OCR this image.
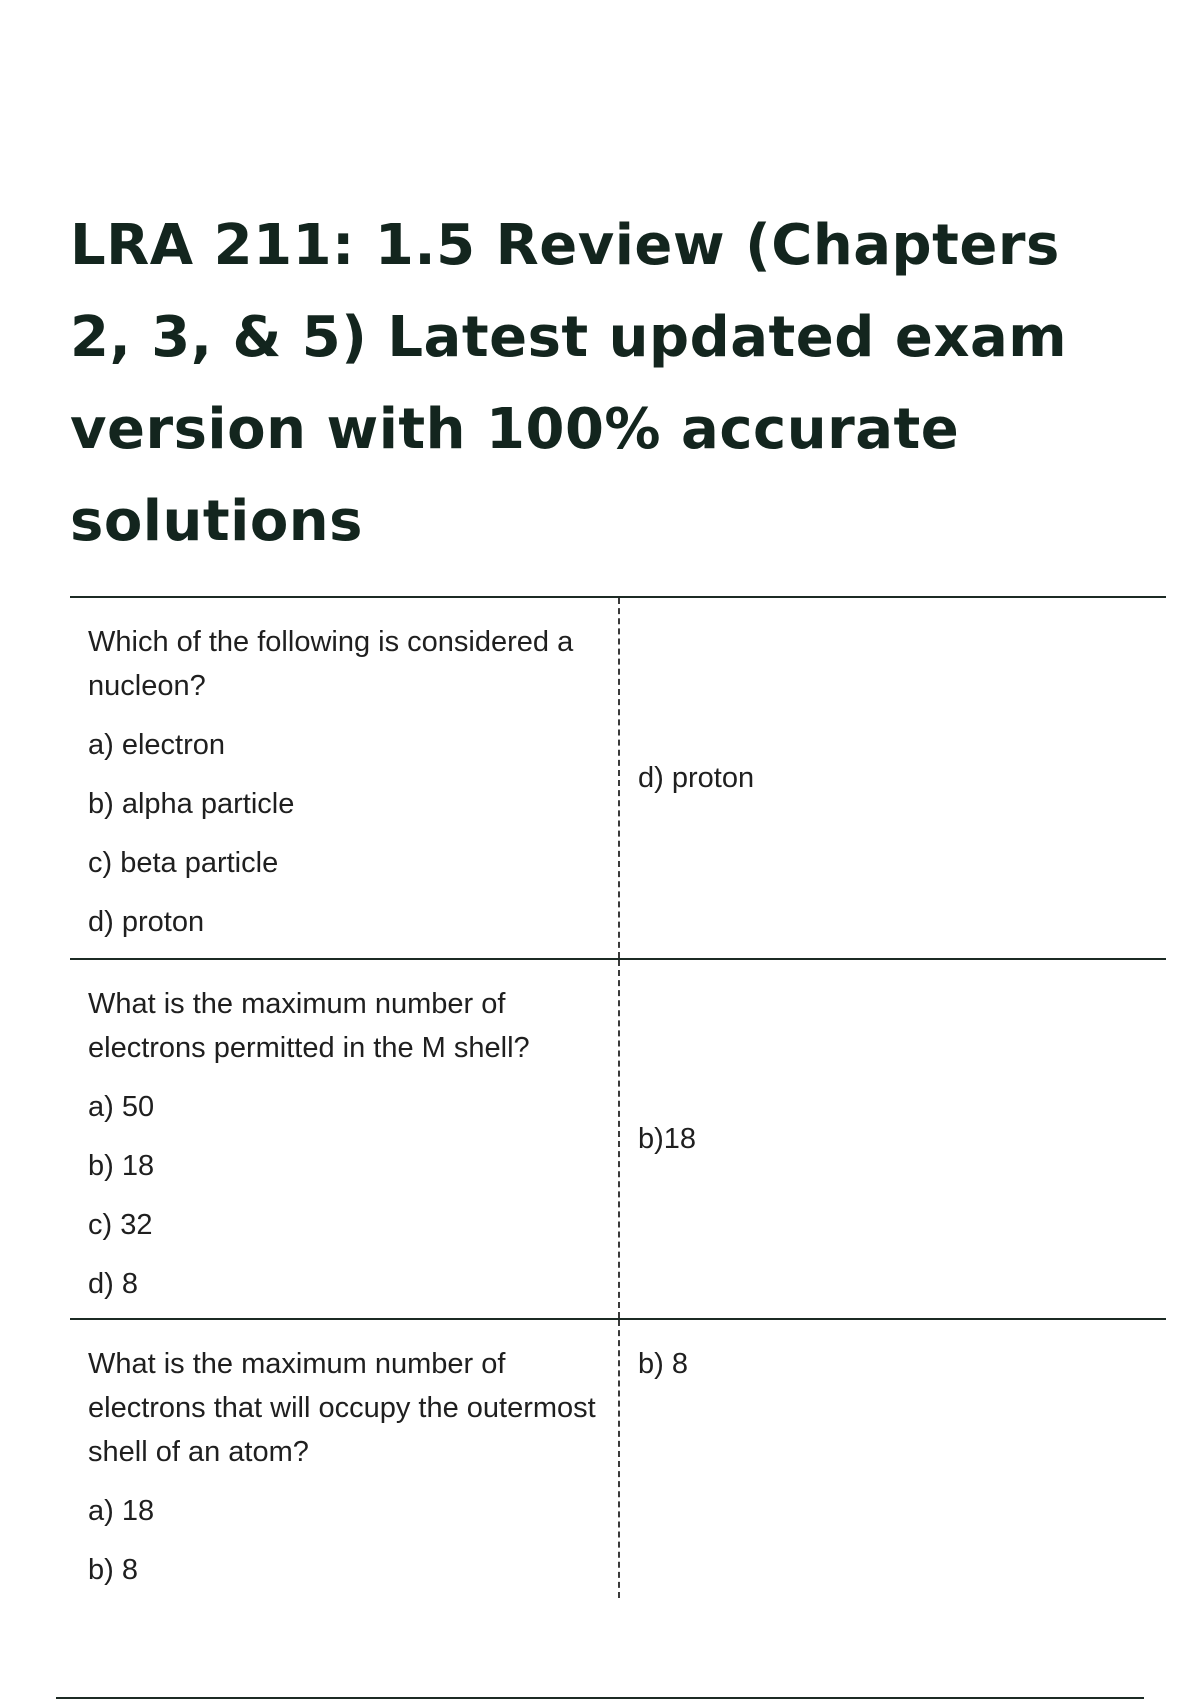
LRA 211: 1.5 Review (Chapters 2, 3, & 5) Latest updated exam version with 100% accurate solutions
Which of the following is considered a nucleon?
a) electron
b) alpha particle
c) beta particle
d) proton
d) proton
What is the maximum number of electrons permitted in the M shell?
a) 50
b) 18
c) 32
d) 8
b)18
What is the maximum number of electrons that will occupy the outermost shell of an atom?
a) 18
b) 8
b) 8
